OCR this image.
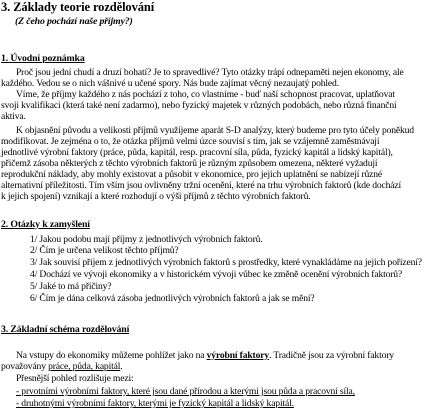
3. Základy teorie rozdělování
(Z čeho pochází naše příjmy?)
1. Úvodní poznámka
Proč jsou jední chudí a druzí bohatí? Je to spravedlivé? Tyto otázky trápí odnepaměti nejen ekonomy, ale
každého. Vedou se o nich vášnivé u učené spory. Nás bude zajímat věcný nezaujatý pohled.
Víme, že příjmy každého z nás pochází z toho, co vlastníme - buď naší schopnost pracovat, uplatňovat
svoji kvalifikaci (která také není zadarmo), nebo fyzický majetek v různých podobách, nebo různá finanční
aktiva.
K objasnění původu a velikosti příjmů využijeme aparát S-D analýzy, který budeme pro tyto účely poněkud
modifikovat. Je zejména o to, že otázka příjmů velmi úzce souvisí s tím, jak se vzájemně zaměstnávají
jednotlivé výrobní faktory (práce, půda, kapitál, resp. pracovní síla, půda, fyzický kapitál a lidský kapitál),
přičemž zásoba některých z těchto výrobních faktorů je různým způsobem omezena, některé vyžadují
reprodukční náklady, aby mohly existovat a působit v ekonomice, pro jejich uplatnění se nabízejí různé
alternativní příležitosti. Tím vším jsou ovlivněny tržní ocenění, které na trhu výrobních faktorů (kde dochází
k jejich spojení) vznikají a které rozhodují o výši příjmů z těchto výrobních faktorů.
2. Otázky k zamyšlení
1/ Jakou podobu mají příjmy z jednotlivých výrobních faktorů.
2/ Čím je určena velikost těchto příjmů?
3/ Jak souvisí příjem z jednotlivých výrobních faktorů s prostředky, které vynakládáme na jejich pořízení?
4/ Dochází ve vývoji ekonomiky a v historickém vývoji vůbec ke změně ocenění výrobních faktorů?
5/ Jaké to má příčiny?
6/ Čím je dána celková zásoba jednotlivých výrobních faktorů a jak se mění?
3. Základní schéma rozdělování
Na vstupy do ekonomiky můžeme pohlížet jako na výrobní faktory. Tradičně jsou za výrobní faktory
považovány práce, půda, kapitál.
Přesnější pohled rozlišuje mezi:
- prvotními výrobními faktory, které jsou dané přírodou a kterými jsou půda a pracovní síla,
- druhotnými výrobními faktory, kterými je fyzický kapitál a lidský kapitál.
